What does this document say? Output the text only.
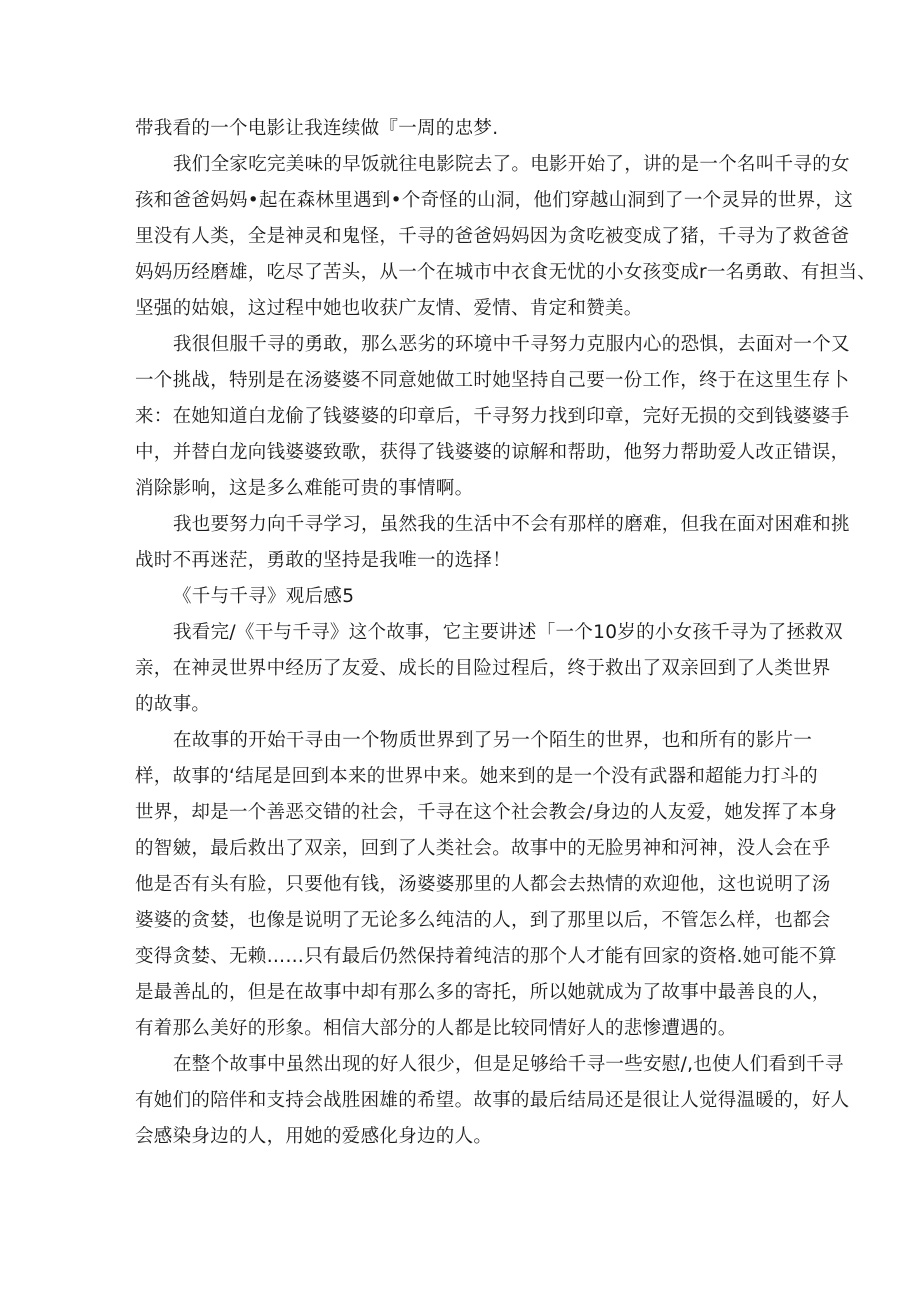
带我看的一个电影让我连续做『一周的忠梦.
我们全家吃完美味的早饭就往电影院去了。电影开始了，讲的是一个名叫千寻的女
孩和爸爸妈妈•起在森林里遇到•个奇怪的山洞，他们穿越山洞到了一个灵异的世界，这
里没有人类，全是神灵和鬼怪，千寻的爸爸妈妈因为贪吃被变成了猪，千寻为了救爸爸
妈妈历经磨雄，吃尽了苦头，从一个在城市中衣食无忧的小女孩变成r一名勇敢、有担当、
坚强的姑娘，这过程中她也收获广友情、爱情、肯定和赞美。
我很但服千寻的勇敢，那么恶劣的环境中千寻努力克服内心的恐惧，去面对一个又
一个挑战，特别是在汤婆婆不同意她做工时她坚持自己要一份工作，终于在这里生存卜
来：在她知道白龙偷了钱婆婆的印章后，千寻努力找到印章，完好无损的交到钱婆婆手
中，并替白龙向钱婆婆致歌，获得了钱婆婆的谅解和帮助，他努力帮助爱人改正错误，
消除影响，这是多么难能可贵的事情啊。
我也要努力向千寻学习，虽然我的生活中不会有那样的磨难，但我在面对困难和挑
战时不再迷茫，勇敢的坚持是我唯一的选择！
《千与千寻》观后感5
我看完/《干与千寻》这个故事，它主要讲述「一个10岁的小女孩千寻为了拯救双
亲，在神灵世界中经历了友爱、成长的目险过程后，终于救出了双亲回到了人类世界
的故事。
在故事的开始干寻由一个物质世界到了另一个陌生的世界，也和所有的影片一
样，故事的‘结尾是回到本来的世界中来。她来到的是一个没有武器和超能力打斗的
世界，却是一个善恶交错的社会，千寻在这个社会教会/身边的人友爱，她发挥了本身
的智皴，最后救出了双亲，回到了人类社会。故事中的无脸男神和河神，没人会在乎
他是否有头有脸，只要他有钱，汤婆婆那里的人都会去热情的欢迎他，这也说明了汤
婆婆的贪婪，也像是说明了无论多么纯洁的人，到了那里以后，不管怎么样，也都会
变得贪婪、无赖……只有最后仍然保持着纯洁的那个人才能有回家的资格.她可能不算
是最善乩的，但是在故事中却有那么多的寄托，所以她就成为了故事中最善良的人，
有着那么美好的形象。相信大部分的人都是比较同情好人的悲惨遭遇的。
在整个故事中虽然出现的好人很少，但是足够给千寻一些安慰/,也使人们看到千寻
有她们的陪伴和支持会战胜困雄的希望。故事的最后结局还是很让人觉得温暖的，好人
会感染身边的人，用她的爱感化身边的人。
